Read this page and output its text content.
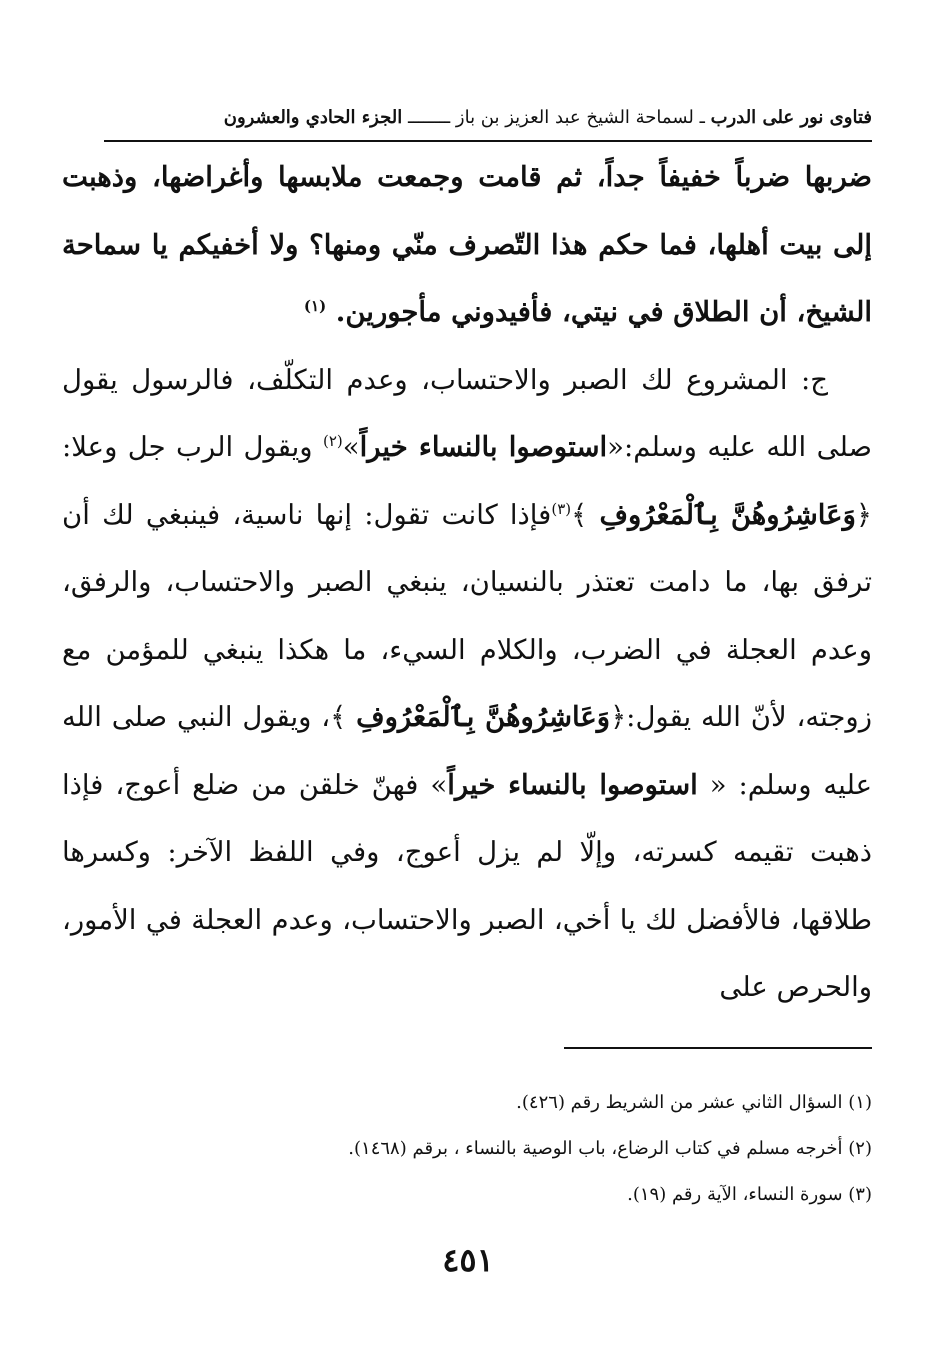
فتاوى نور على الدرب ـ لسماحة الشيخ عبد العزيز بن باز ــــــــ الجزء الحادي والعشرون

ضربها ضرباً خفيفاً جداً، ثم قامت وجمعت ملابسها وأغراضها، وذهبت إلى بيت أهلها، فما حكم هذا التّصرف منّي ومنها؟ ولا أخفيكم يا سماحة الشيخ، أن الطلاق في نيتي، فأفيدوني مأجورين. $^{(١)}$

ج: المشروع لك الصبر والاحتساب، وعدم التكلّف، فالرسول يقول صلى الله عليه وسلم:«استوصوا بالنساء خيراً»$^{(٢)}$ ويقول الرب جل وعلا:﴿وَعَاشِرُوهُنَّ بِٱلْمَعْرُوفِ ﴾$^{(٣)}$فإذا كانت تقول: إنها ناسية، فينبغي لك أن ترفق بها، ما دامت تعتذر بالنسيان، ينبغي الصبر والاحتساب، والرفق، وعدم العجلة في الضرب، والكلام السيء، ما هكذا ينبغي للمؤمن مع زوجته، لأنّ الله يقول:﴿وَعَاشِرُوهُنَّ بِٱلْمَعْرُوفِ ﴾، ويقول النبي صلى الله عليه وسلم: « استوصوا بالنساء خيراً» فهنّ خلقن من ضلع أعوج، فإذا ذهبت تقيمه كسرته، وإلّا لم يزل أعوج، وفي اللفظ الآخر: وكسرها طلاقها، فالأفضل لك يا أخي، الصبر والاحتساب، وعدم العجلة في الأمور، والحرص على

(١) السؤال الثاني عشر من الشريط رقم (٤٢٦).

(٢) أخرجه مسلم في كتاب الرضاع، باب الوصية بالنساء ، برقم (١٤٦٨).

(٣) سورة النساء، الآية رقم (١٩).

٤٥١
